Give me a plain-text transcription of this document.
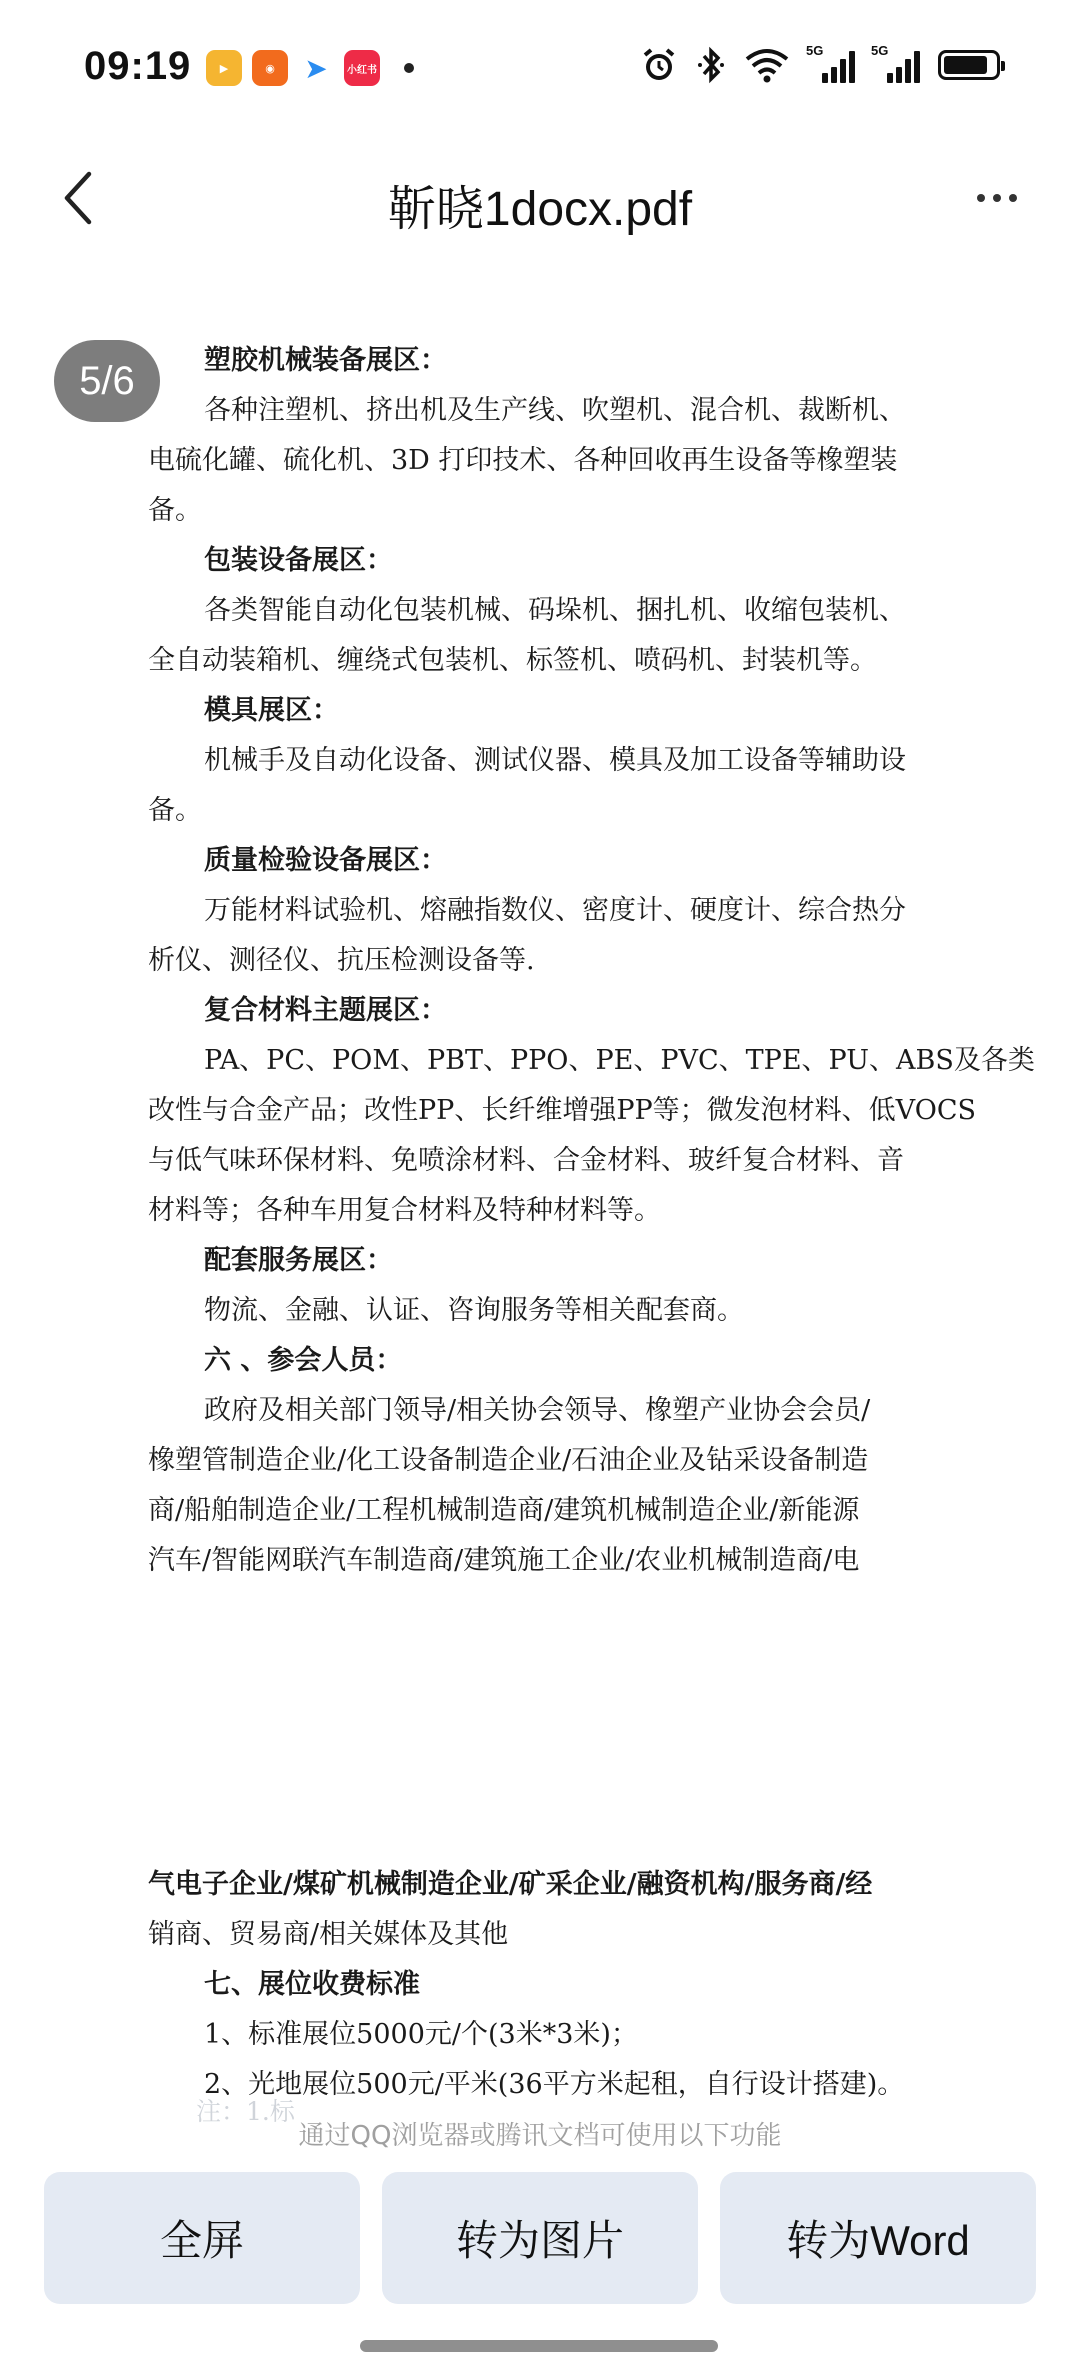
09:19	▶	◉	➤	小红书
5G	5G
靳晓1docx.pdf
5/6	塑胶机械装备展区：
各种注塑机、挤出机及生产线、吹塑机、混合机、裁断机、
电硫化罐、硫化机、3D 打印技术、各种回收再生设备等橡塑装
备。
包装设备展区：
各类智能自动化包装机械、码垛机、捆扎机、收缩包装机、
全自动装箱机、缠绕式包装机、标签机、喷码机、封装机等。
模具展区：
机械手及自动化设备、测试仪器、模具及加工设备等辅助设
备。
质量检验设备展区：
万能材料试验机、熔融指数仪、密度计、硬度计、综合热分
析仪、测径仪、抗压检测设备等.
复合材料主题展区：
PA、PC、POM、PBT、PPO、PE、PVC、TPE、PU、ABS及各类
改性与合金产品；改性PP、长纤维增强PP等；微发泡材料、低VOCS
与低气味环保材料、免喷涂材料、合金材料、玻纤复合材料、音
材料等；各种车用复合材料及特种材料等。
配套服务展区：
物流、金融、认证、咨询服务等相关配套商。
六 、参会人员：
政府及相关部门领导/相关协会领导、橡塑产业协会会员/
橡塑管制造企业/化工设备制造企业/石油企业及钻采设备制造
商/船舶制造企业/工程机械制造商/建筑机械制造企业/新能源
汽车/智能网联汽车制造商/建筑施工企业/农业机械制造商/电
气电子企业/煤矿机械制造企业/矿采企业/融资机构/服务商/经
销商、贸易商/相关媒体及其他
七、展位收费标准
1、标准展位5000元/个(3米*3米)；
2、光地展位500元/平米(36平方米起租，自行设计搭建)。
注：1.标
通过QQ浏览器或腾讯文档可使用以下功能
全屏	转为图片	转为Word
